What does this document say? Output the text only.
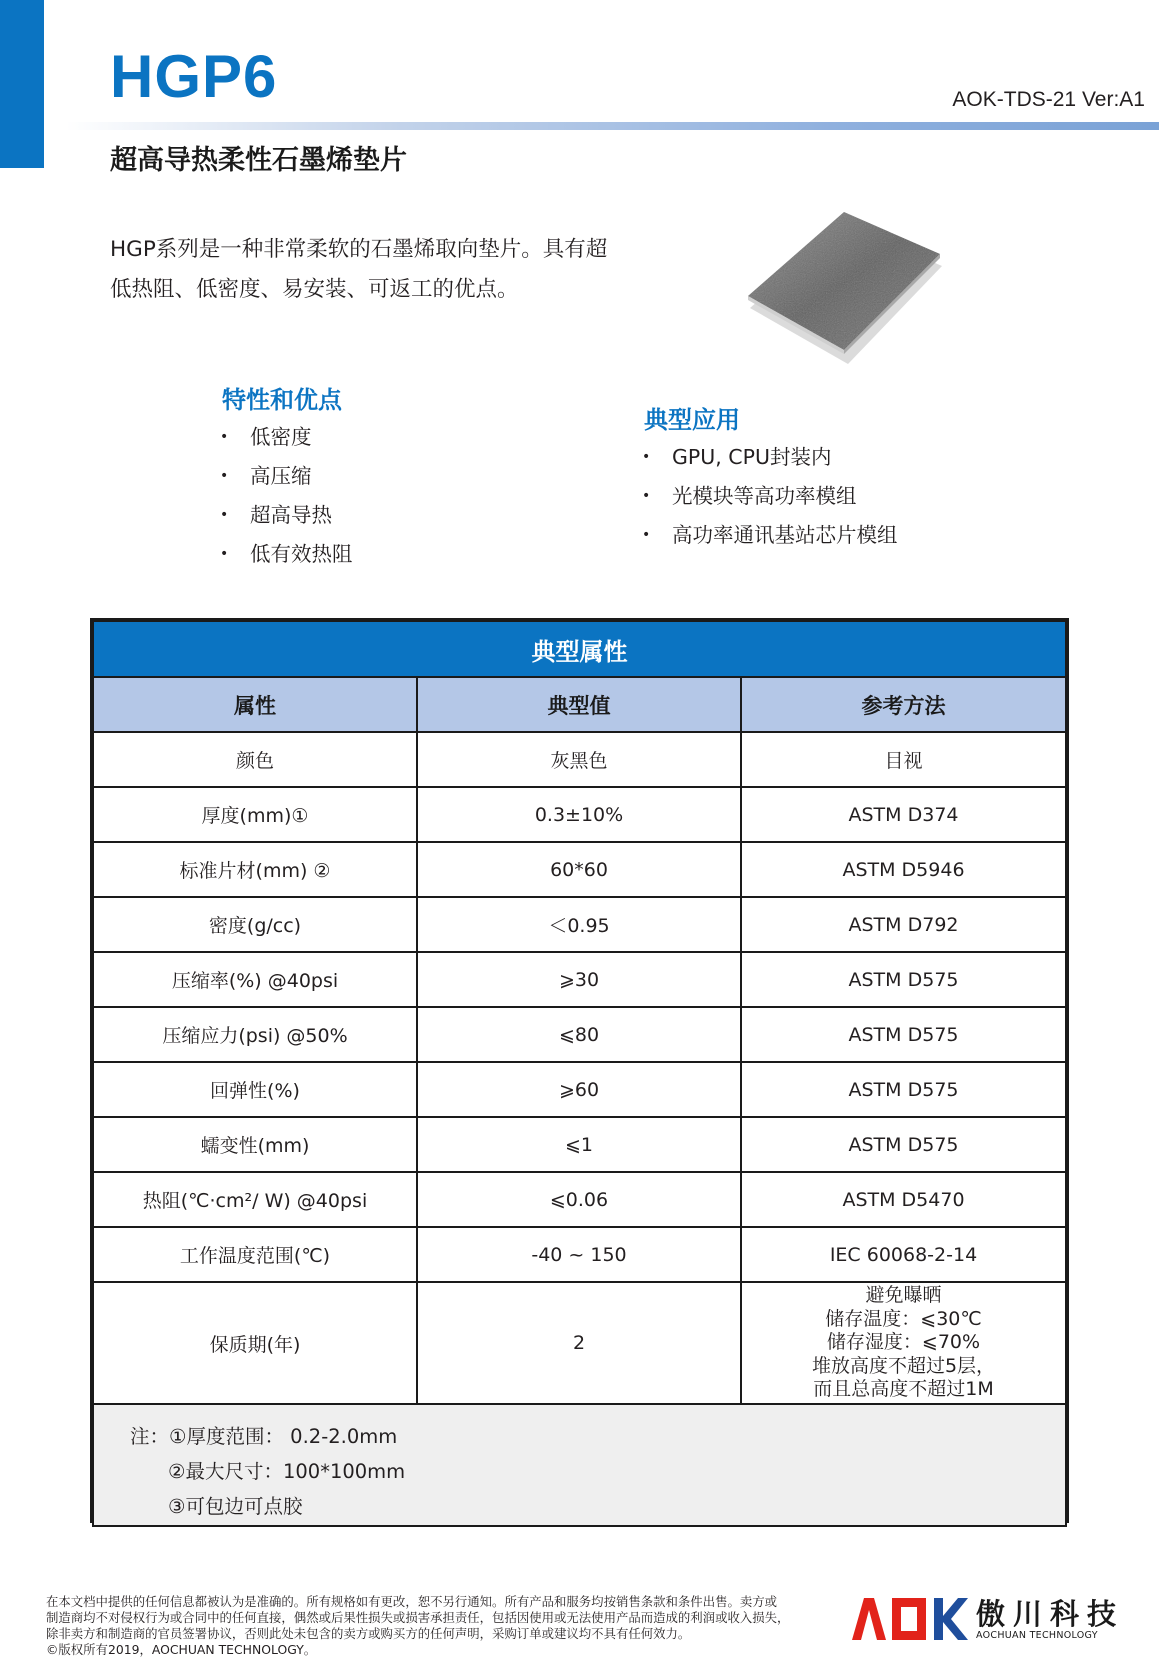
HGP6	AOK-TDS-21 Ver:A1
超高导热柔性石墨烯垫片
HGP系列是一种非常柔软的石墨烯取向垫片。具有超
低热阻、低密度、易安装、可返工的优点。
特性和优点
• 低密度
• 高压缩
• 超高导热
• 低有效热阻
典型应用
• GPU, CPU封装内
• 光模块等高功率模组
• 高功率通讯基站芯片模组
典型属性		
属性	典型值	参考方法
颜色	灰黑色	目视
厚度(mm)①	0.3±10%	ASTM D374
标准片材(mm) ②	60*60	ASTM D5946
密度(g/cc)	＜0.95	ASTM D792
压缩率(%) @40psi	⩾30	ASTM D575
压缩应力(psi) @50%	⩽80	ASTM D575
回弹性(%)	⩾60	ASTM D575
蠕变性(mm)	⩽1	ASTM D575
热阻(℃·cm²/ W) @40psi	⩽0.06	ASTM D5470
工作温度范围(℃)	-40 ~ 150	IEC 60068-2-14
保质期(年)	2	避免曝晒
储存温度：⩽30℃
储存湿度：⩽70%
堆放高度不超过5层，
而且总高度不超过1M

注：①厚度范围： 0.2-2.0mm
②最大尺寸：100*100mm
③可包边可点胶		
在本文档中提供的任何信息都被认为是准确的。所有规格如有更改，恕不另行通知。所有产品和服务均按销售条款和条件出售。卖方或
制造商均不对侵权行为或合同中的任何直接，偶然或后果性损失或损害承担责任，包括因使用或无法使用产品而造成的利润或收入损失，
除非卖方和制造商的官员签署协议，否则此处未包含的卖方或购买方的任何声明，采购订单或建议均不具有任何效力。
©版权所有2019，AOCHUAN TECHNOLOGY。
傲川科技
AOCHUAN TECHNOLOGY
